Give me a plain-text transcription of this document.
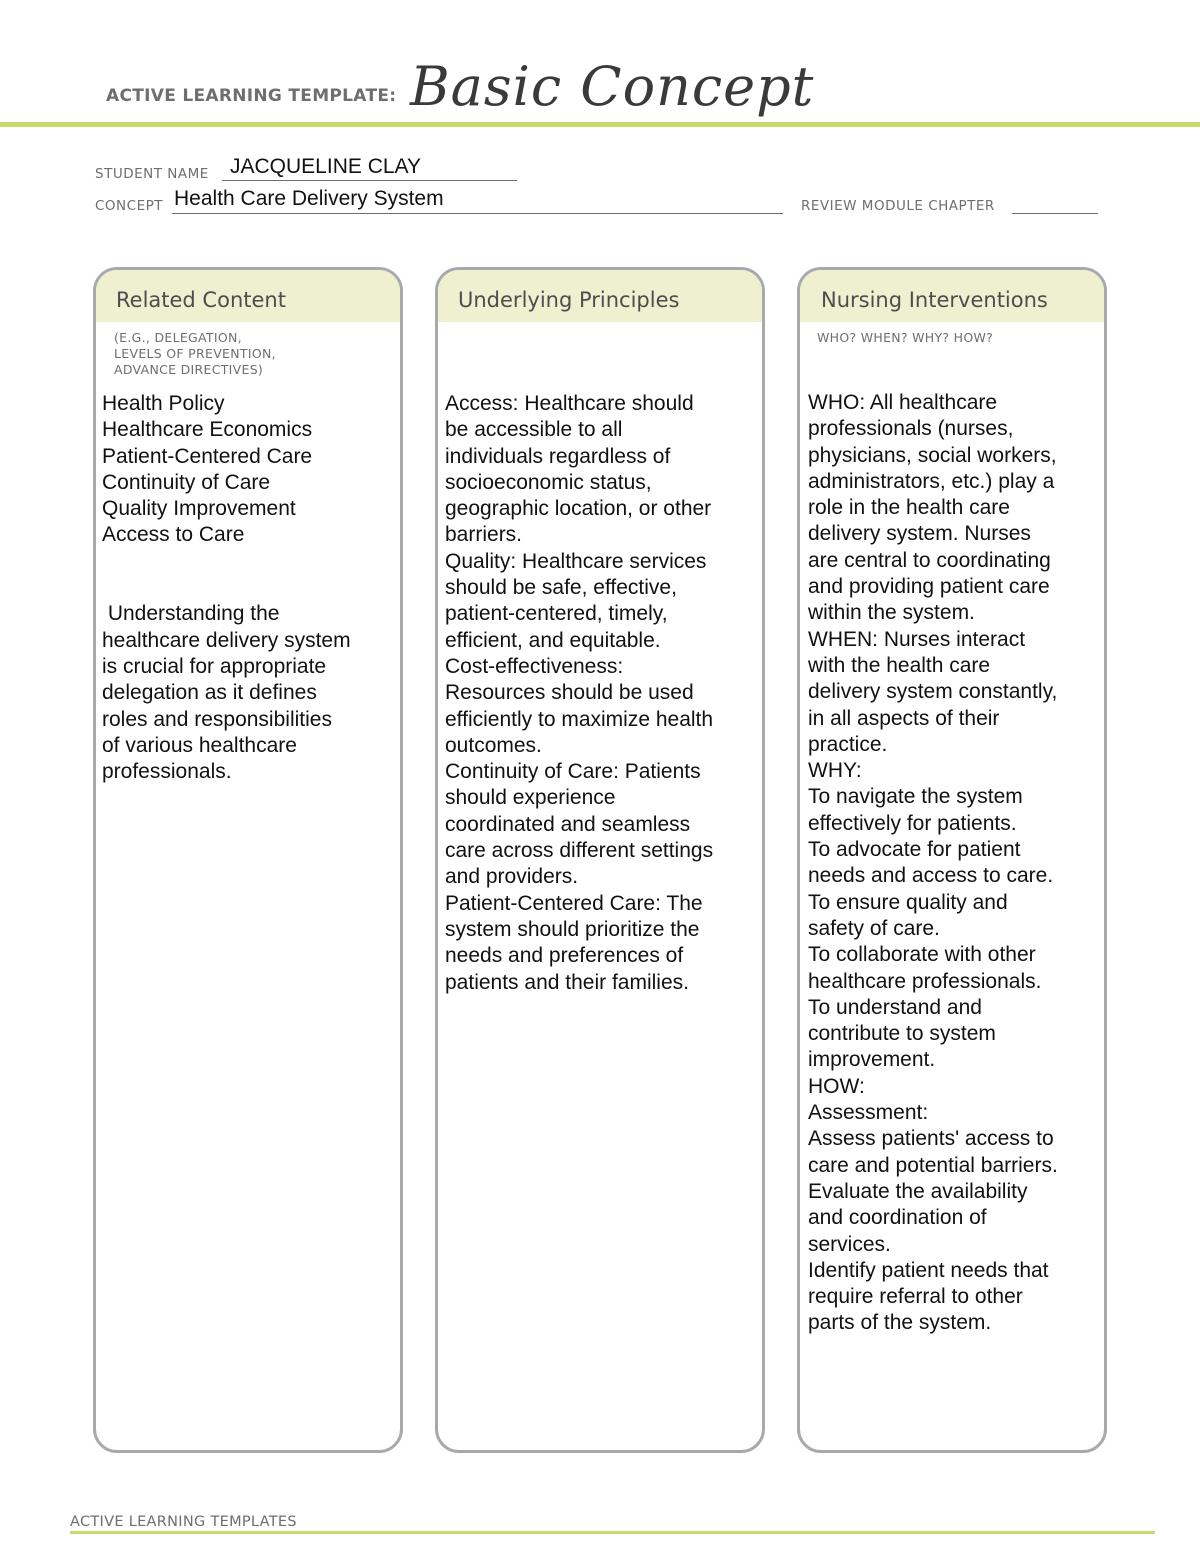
ACTIVE LEARNING TEMPLATE: Basic Concept
STUDENT NAME JACQUELINE CLAY
CONCEPT Health Care Delivery System	REVIEW MODULE CHAPTER
Related Content
(E.G., DELEGATION,
LEVELS OF PREVENTION,
ADVANCE DIRECTIVES)
Health Policy
Healthcare Economics
Patient-Centered Care
Continuity of Care
Quality Improvement
Access to Care
Understanding the
healthcare delivery system
is crucial for appropriate
delegation as it defines
roles and responsibilities
of various healthcare
professionals.
Underlying Principles
Access: Healthcare should
be accessible to all
individuals regardless of
socioeconomic status,
geographic location, or other
barriers.
Quality: Healthcare services
should be safe, effective,
patient-centered, timely,
efficient, and equitable.
Cost-effectiveness:
Resources should be used
efficiently to maximize health
outcomes.
Continuity of Care: Patients
should experience
coordinated and seamless
care across different settings
and providers.
Patient-Centered Care: The
system should prioritize the
needs and preferences of
patients and their families.
Nursing Interventions
WHO? WHEN? WHY? HOW?
WHO: All healthcare
professionals (nurses,
physicians, social workers,
administrators, etc.) play a
role in the health care
delivery system. Nurses
are central to coordinating
and providing patient care
within the system.
WHEN: Nurses interact
with the health care
delivery system constantly,
in all aspects of their
practice.
WHY:
To navigate the system
effectively for patients.
To advocate for patient
needs and access to care.
To ensure quality and
safety of care.
To collaborate with other
healthcare professionals.
To understand and
contribute to system
improvement.
HOW:
Assessment:
Assess patients' access to
care and potential barriers.
Evaluate the availability
and coordination of
services.
Identify patient needs that
require referral to other
parts of the system.
ACTIVE LEARNING TEMPLATES
